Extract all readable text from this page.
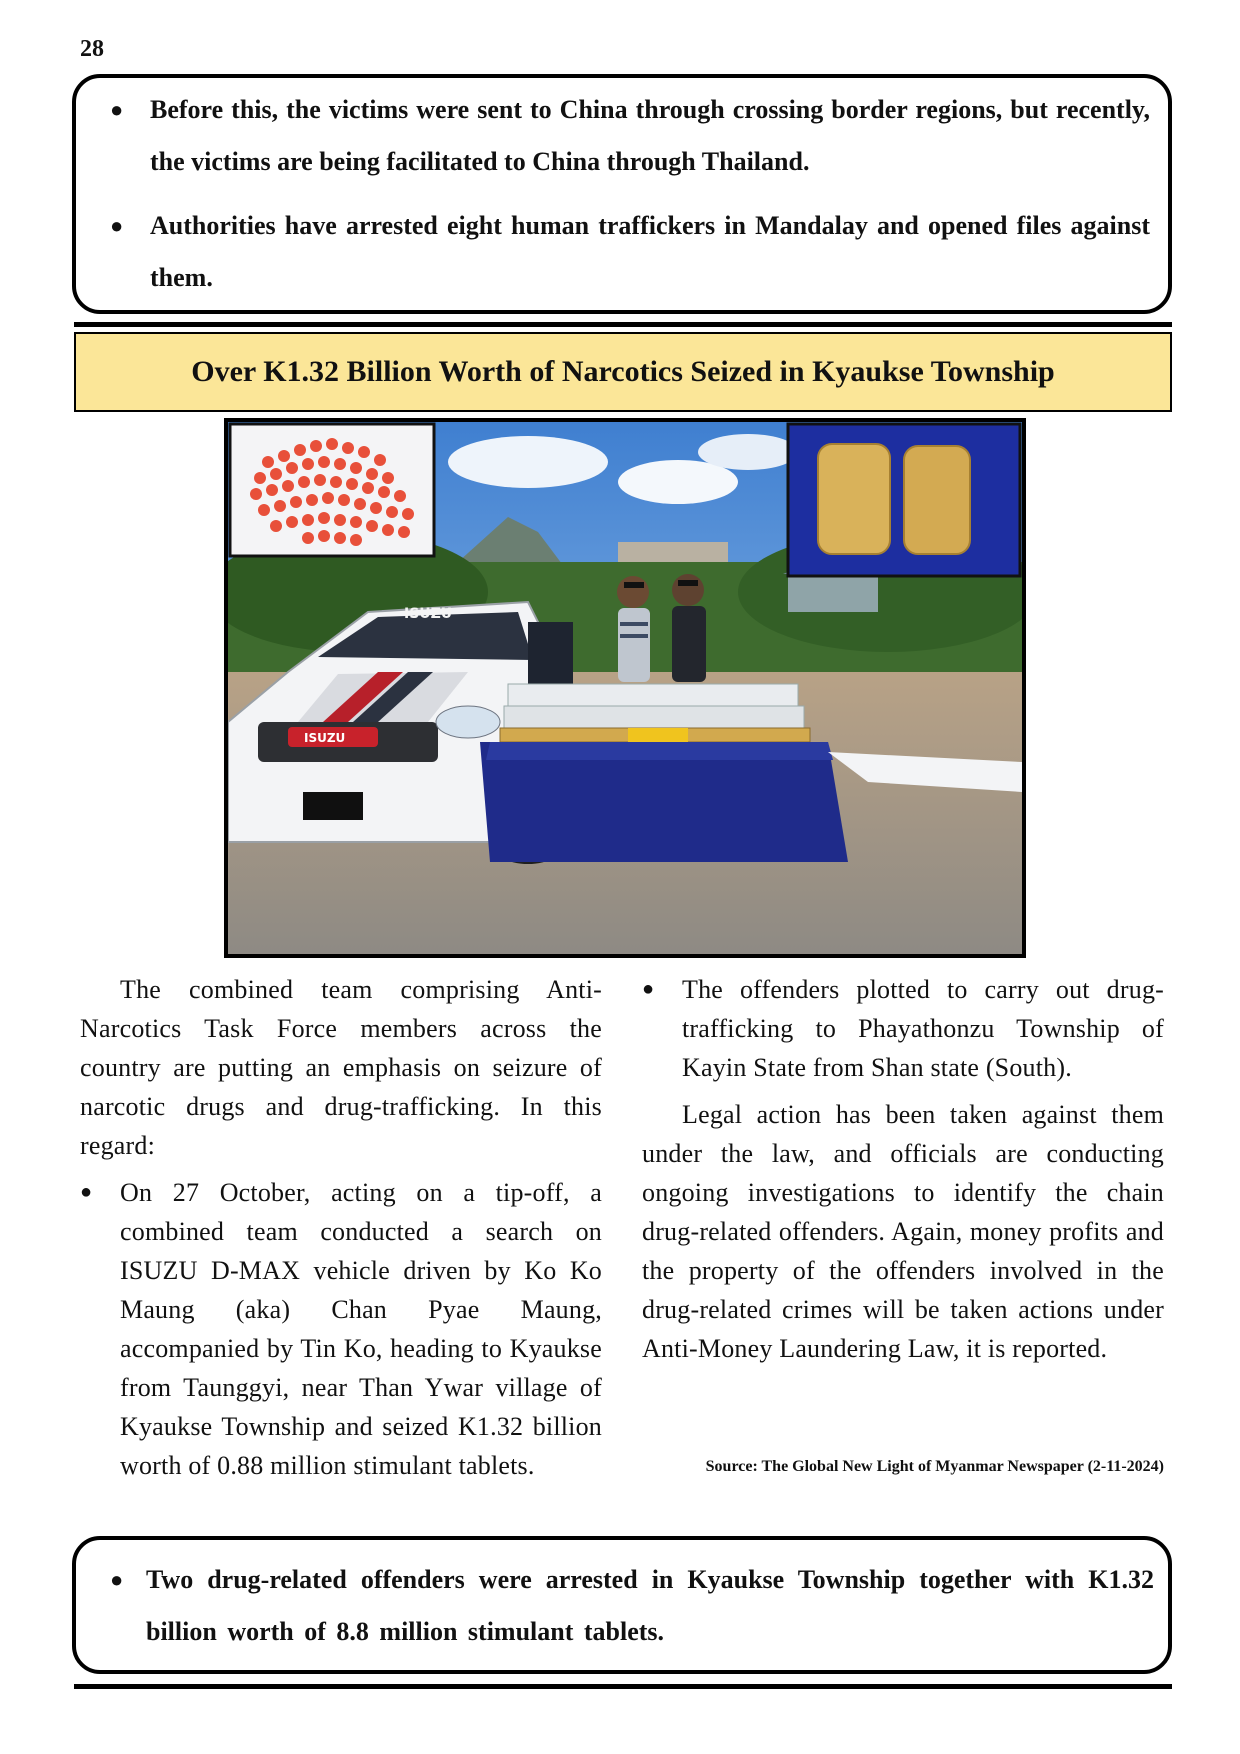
28
● Before this, the victims were sent to China through crossing border regions, but recently, the victims are being facilitated to China through Thailand.
● Authorities have arrested eight human traffickers in Mandalay and opened files against them.
Over K1.32 Billion Worth of Narcotics Seized in Kyaukse Township
ISUZU
ISUZU

The combined team comprising Anti-Narcotics Task Force members across the country are putting an emphasis on seizure of narcotic drugs and drug-trafficking. In this regard:

● On 27 October, acting on a tip-off, a combined team conducted a search on ISUZU D-MAX vehicle driven by Ko Ko Maung (aka) Chan Pyae Maung, accompanied by Tin Ko, heading to Kyaukse from Taunggyi, near Than Ywar village of Kyaukse Township and seized K1.32 billion worth of 0.88 million stimulant tablets.
● The offenders plotted to carry out drug-trafficking to Phayathonzu Township of Kayin State from Shan state (South).

Legal action has been taken against them under the law, and officials are conducting ongoing investigations to identify the chain drug-related offenders. Again, money profits and the property of the offenders involved in the drug-related crimes will be taken actions under Anti-Money Laundering Law, it is reported.

Source: The Global New Light of Myanmar Newspaper (2-11-2024)
● Two drug-related offenders were arrested in Kyaukse Township together with K1.32 billion worth of 8.8 million stimulant tablets.
